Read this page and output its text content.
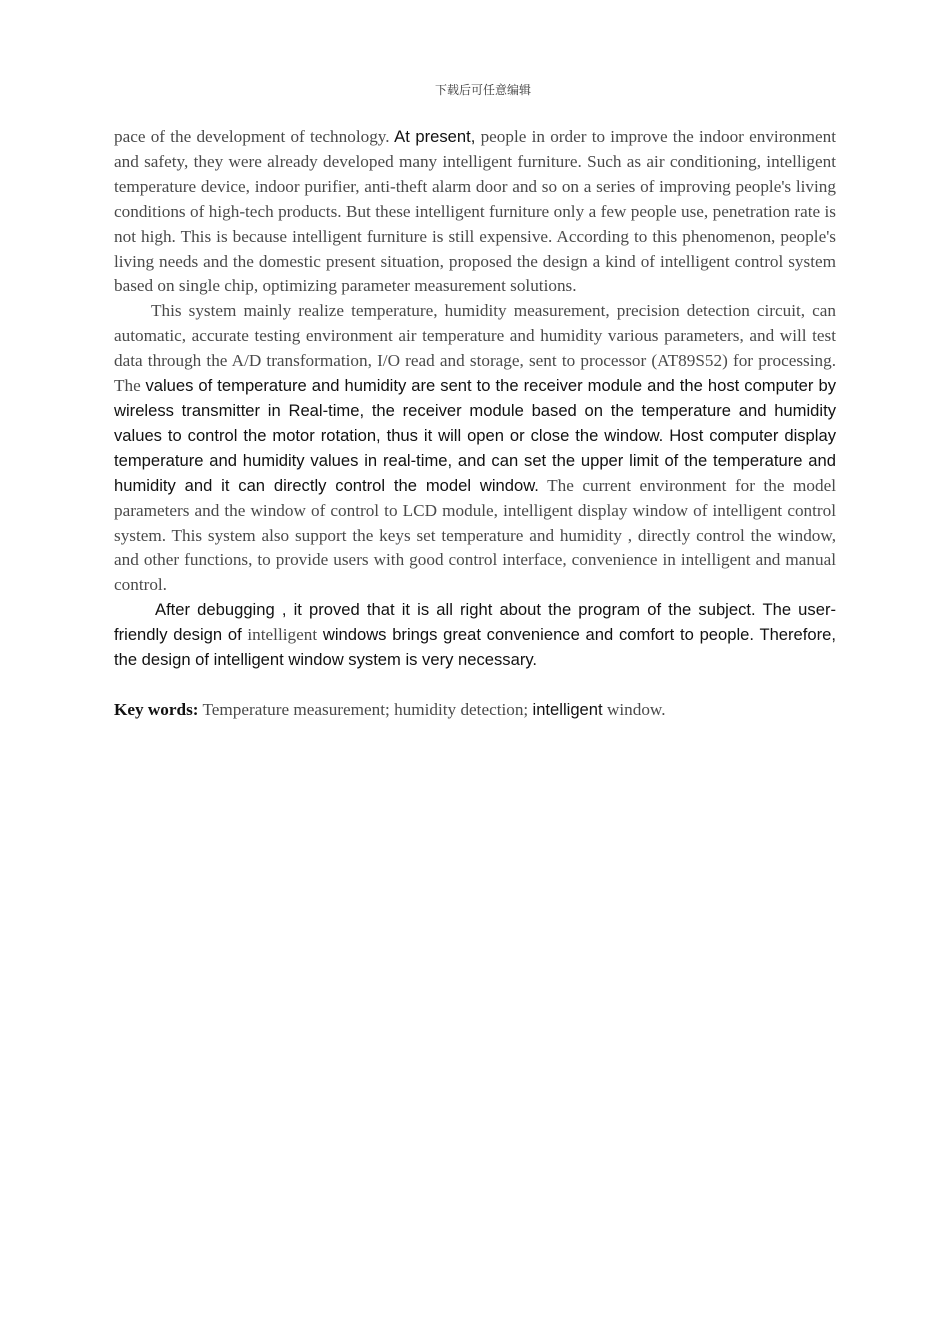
下载后可任意编辑

pace of the development of technology. At present, people in order to improve the indoor environment and safety, they were already developed many intelligent furniture. Such as air conditioning, intelligent temperature device, indoor purifier, anti-theft alarm door and so on a series of improving people's living conditions of high-tech products. But these intelligent furniture only a few people use, penetration rate is not high. This is because intelligent furniture is still expensive. According to this phenomenon, people's living needs and the domestic present situation, proposed the design a kind of intelligent control system based on single chip, optimizing parameter measurement solutions.

This system mainly realize temperature, humidity measurement, precision detection circuit, can automatic, accurate testing environment air temperature and humidity various parameters, and will test data through the A/D transformation, I/O read and storage, sent to processor (AT89S52) for processing. The values of temperature and humidity are sent to the receiver module and the host computer by wireless transmitter in Real-time, the receiver module based on the temperature and humidity values to control the motor rotation, thus it will open or close the window. Host computer display temperature and humidity values in real-time, and can set the upper limit of the temperature and humidity and it can directly control the model window. The current environment for the model parameters and the window of control to LCD module, intelligent display window of intelligent control system. This system also support the keys set temperature and humidity , directly control the window, and other functions, to provide users with good control interface, convenience in intelligent and manual control.

After debugging , it proved that it is all right about the program of the subject. The user-friendly design of intelligent windows brings great convenience and comfort to people. Therefore, the design of intelligent window system is very necessary.

Key words: Temperature measurement; humidity detection; intelligent window.
